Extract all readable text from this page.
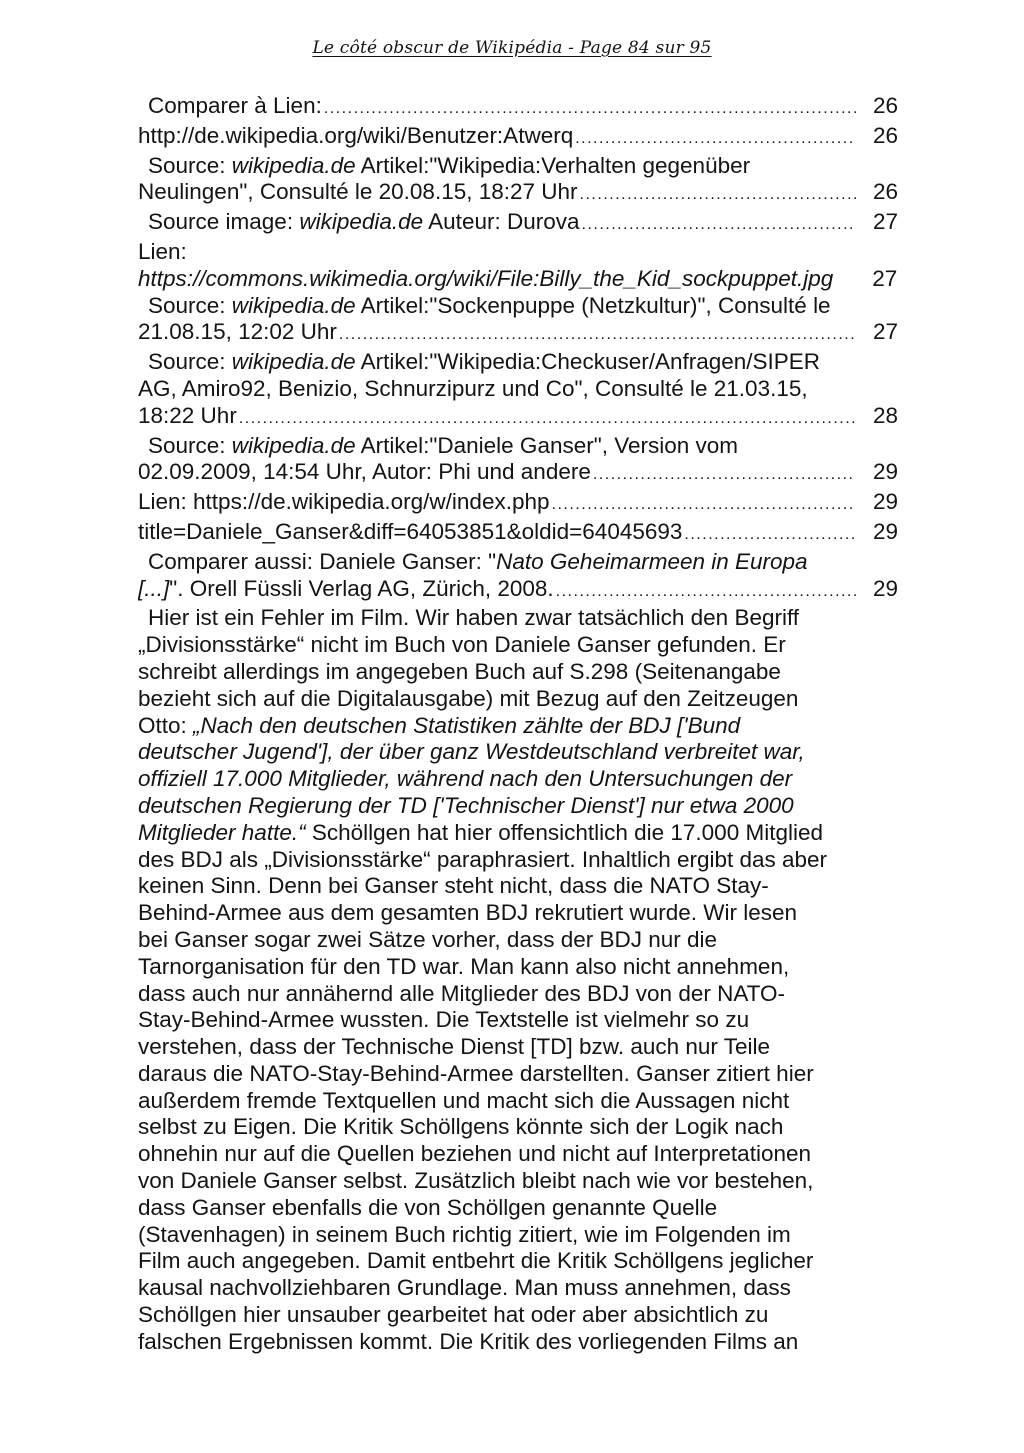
Le côté obscur de Wikipédia - Page 84 sur 95
Comparer à Lien: .....	26
http://de.wikipedia.org/wiki/Benutzer:Atwerq .....	26
Source: wikipedia.de Artikel:"Wikipedia:Verhalten gegenüber
Neulingen", Consulté le 20.08.15, 18:27 Uhr .....	26
Source image: wikipedia.de Auteur: Durova .....	27
Lien:
https://commons.wikimedia.org/wiki/File:Billy_the_Kid_sockpuppet.jpg	27
Source: wikipedia.de Artikel:"Sockenpuppe (Netzkultur)", Consulté le
21.08.15, 12:02 Uhr .....	27
Source: wikipedia.de Artikel:"Wikipedia:Checkuser/Anfragen/SIPER
AG, Amiro92, Benizio, Schnurzipurz und Co", Consulté le 21.03.15,
18:22 Uhr .....	28
Source: wikipedia.de Artikel:"Daniele Ganser", Version vom
02.09.2009, 14:54 Uhr, Autor: Phi und andere .....	29
Lien: https://de.wikipedia.org/w/index.php .....	29
title=Daniele_Ganser&diff=64053851&oldid=64045693 .....	29
Comparer aussi: Daniele Ganser: "Nato Geheimarmeen in Europa
[...]". Orell Füssli Verlag AG, Zürich, 2008. .....	29
Hier ist ein Fehler im Film. Wir haben zwar tatsächlich den Begriff
„Divisionsstärke“ nicht im Buch von Daniele Ganser gefunden. Er
schreibt allerdings im angegeben Buch auf S.298 (Seitenangabe
bezieht sich auf die Digitalausgabe) mit Bezug auf den Zeitzeugen
Otto: „Nach den deutschen Statistiken zählte der BDJ ['Bund
deutscher Jugend'], der über ganz Westdeutschland verbreitet war,
offiziell 17.000 Mitglieder, während nach den Untersuchungen der
deutschen Regierung der TD ['Technischer Dienst'] nur etwa 2000
Mitglieder hatte.“ Schöllgen hat hier offensichtlich die 17.000 Mitglied
des BDJ als „Divisionsstärke“ paraphrasiert. Inhaltlich ergibt das aber
keinen Sinn. Denn bei Ganser steht nicht, dass die NATO Stay-
Behind-Armee aus dem gesamten BDJ rekrutiert wurde. Wir lesen
bei Ganser sogar zwei Sätze vorher, dass der BDJ nur die
Tarnorganisation für den TD war. Man kann also nicht annehmen,
dass auch nur annähernd alle Mitglieder des BDJ von der NATO-
Stay-Behind-Armee wussten. Die Textstelle ist vielmehr so zu
verstehen, dass der Technische Dienst [TD] bzw. auch nur Teile
daraus die NATO-Stay-Behind-Armee darstellten. Ganser zitiert hier
außerdem fremde Textquellen und macht sich die Aussagen nicht
selbst zu Eigen. Die Kritik Schöllgens könnte sich der Logik nach
ohnehin nur auf die Quellen beziehen und nicht auf Interpretationen
von Daniele Ganser selbst. Zusätzlich bleibt nach wie vor bestehen,
dass Ganser ebenfalls die von Schöllgen genannte Quelle
(Stavenhagen) in seinem Buch richtig zitiert, wie im Folgenden im
Film auch angegeben. Damit entbehrt die Kritik Schöllgens jeglicher
kausal nachvollziehbaren Grundlage. Man muss annehmen, dass
Schöllgen hier unsauber gearbeitet hat oder aber absichtlich zu
falschen Ergebnissen kommt. Die Kritik des vorliegenden Films an
